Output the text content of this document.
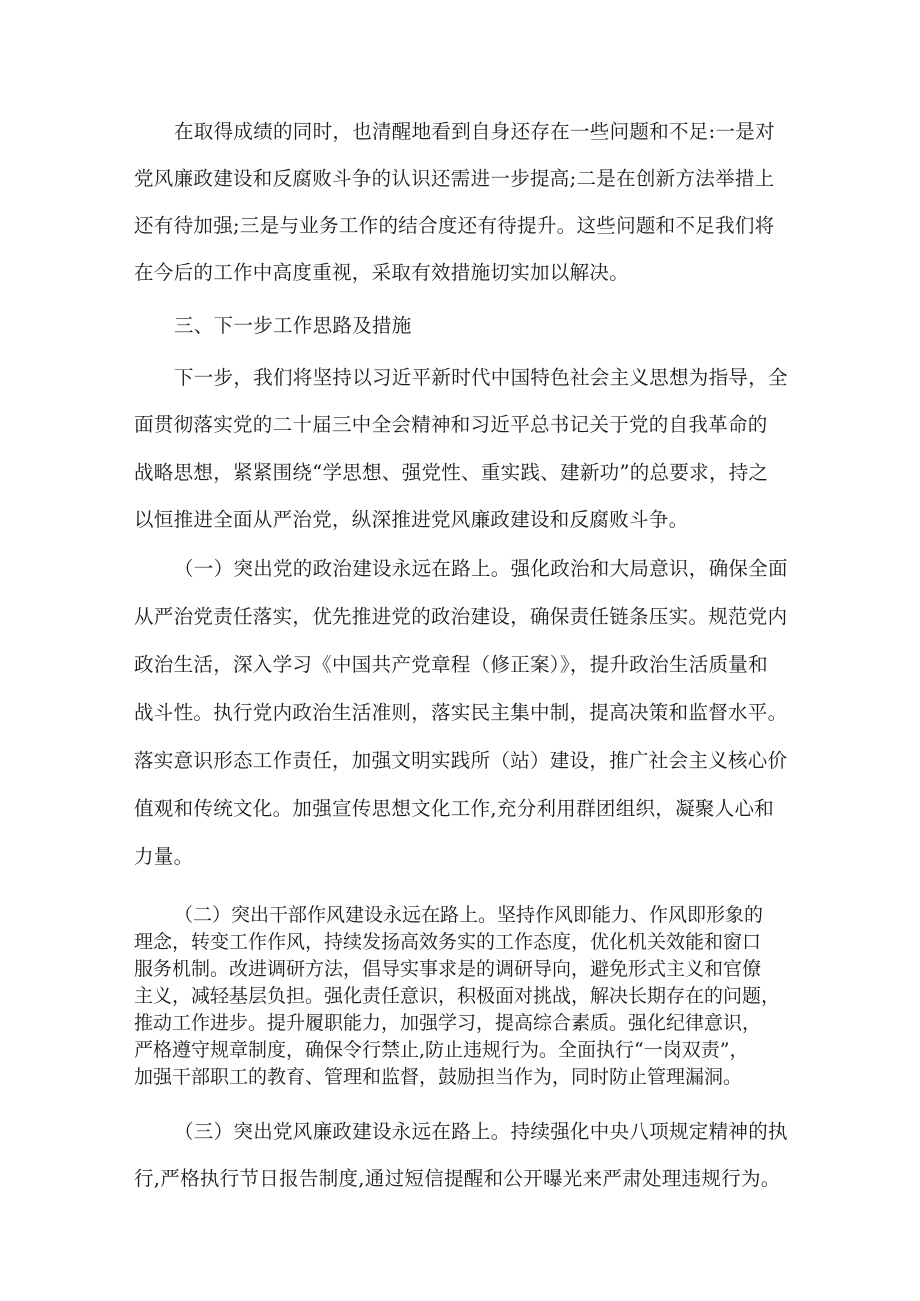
在取得成绩的同时，也清醒地看到自身还存在一些问题和不足:一是对
党风廉政建设和反腐败斗争的认识还需进一步提高;二是在创新方法举措上
还有待加强;三是与业务工作的结合度还有待提升。这些问题和不足我们将
在今后的工作中高度重视，采取有效措施切实加以解决。
三、下一步工作思路及措施
下一步，我们将坚持以习近平新时代中国特色社会主义思想为指导，全
面贯彻落实党的二十届三中全会精神和习近平总书记关于党的自我革命的
战略思想，紧紧围绕“学思想、强党性、重实践、建新功”的总要求，持之
以恒推进全面从严治党，纵深推进党风廉政建设和反腐败斗争。
（一）突出党的政治建设永远在路上。强化政治和大局意识，确保全面
从严治党责任落实，优先推进党的政治建设，确保责任链条压实。规范党内
政治生活，深入学习《中国共产党章程（修正案）》，提升政治生活质量和
战斗性。执行党内政治生活准则，落实民主集中制，提高决策和监督水平。
落实意识形态工作责任，加强文明实践所（站）建设，推广社会主义核心价
值观和传统文化。加强宣传思想文化工作,充分利用群团组织，凝聚人心和
力量。
（二）突出干部作风建设永远在路上。坚持作风即能力、作风即形象的
理念，转变工作作风，持续发扬高效务实的工作态度，优化机关效能和窗口
服务机制。改进调研方法，倡导实事求是的调研导向，避免形式主义和官僚
主义，减轻基层负担。强化责任意识，积极面对挑战，解决长期存在的问题，
推动工作进步。提升履职能力，加强学习，提高综合素质。强化纪律意识，
严格遵守规章制度，确保令行禁止,防止违规行为。全面执行“一岗双责”，
加强干部职工的教育、管理和监督，鼓励担当作为，同时防止管理漏洞。
（三）突出党风廉政建设永远在路上。持续强化中央八项规定精神的执
行,严格执行节日报告制度,通过短信提醒和公开曝光来严肃处理违规行为。
